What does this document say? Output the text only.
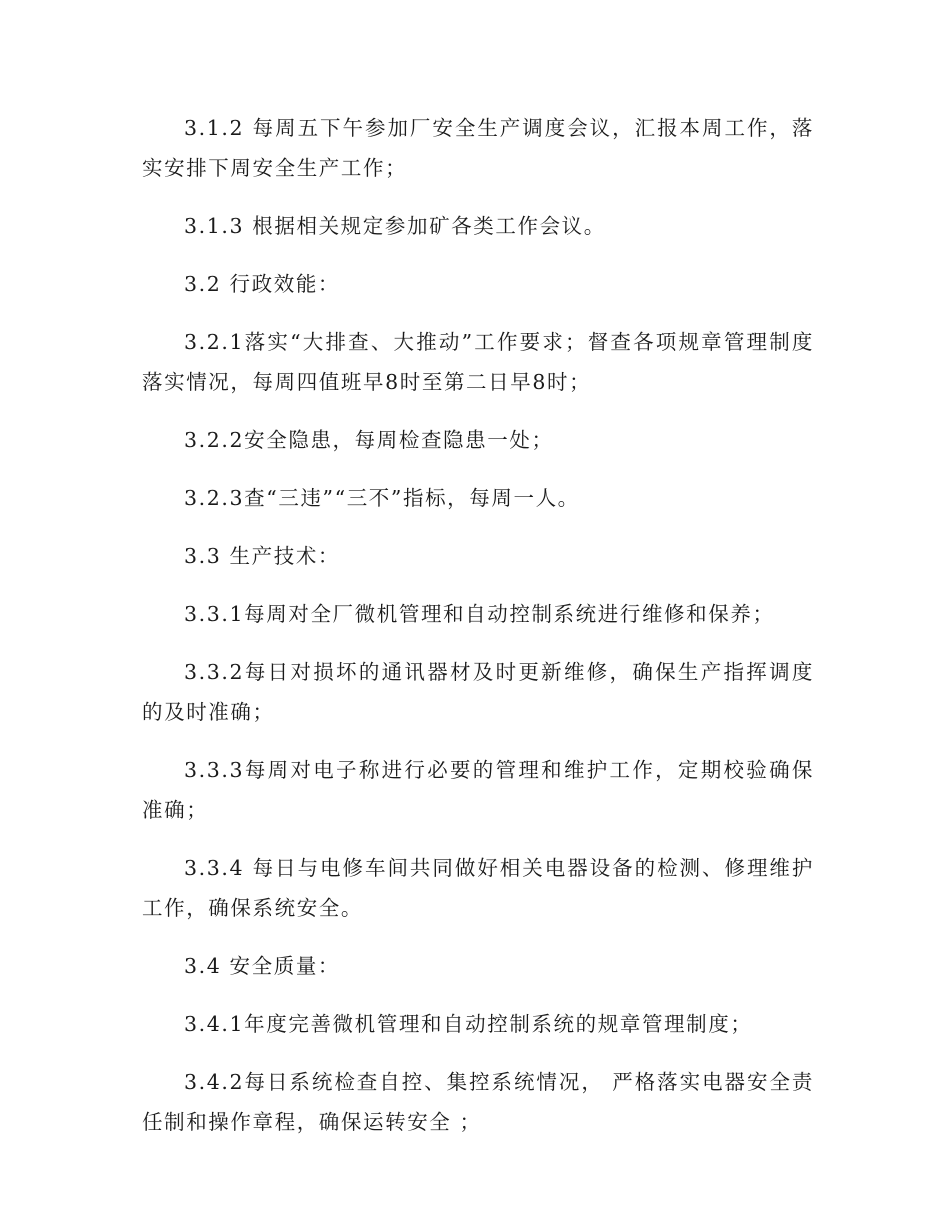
3.1.2 每周五下午参加厂安全生产调度会议，汇报本周工作，落实安排下周安全生产工作；

3.1.3 根据相关规定参加矿各类工作会议。

3.2 行政效能：

3.2.1落实“大排查、大推动”工作要求；督查各项规章管理制度落实情况，每周四值班早8时至第二日早8时；

3.2.2安全隐患，每周检查隐患一处；

3.2.3查“三违”“三不”指标，每周一人。

3.3 生产技术：

3.3.1每周对全厂微机管理和自动控制系统进行维修和保养；

3.3.2每日对损坏的通讯器材及时更新维修，确保生产指挥调度的及时准确；

3.3.3每周对电子称进行必要的管理和维护工作，定期校验确保准确；

3.3.4 每日与电修车间共同做好相关电器设备的检测、修理维护工作，确保系统安全。

3.4 安全质量：

3.4.1年度完善微机管理和自动控制系统的规章管理制度；

3.4.2每日系统检查自控、集控系统情况， 严格落实电器安全责任制和操作章程，确保运转安全 ；
